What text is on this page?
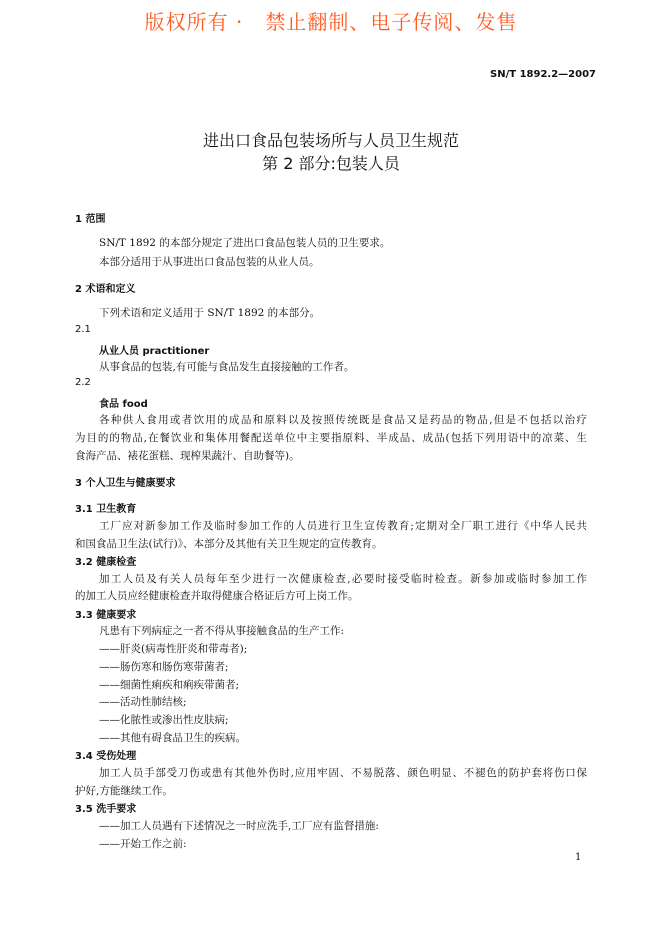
版权所有 ·   禁止翻制、电子传阅、发售
SN/T 1892.2—2007
进出口食品包装场所与人员卫生规范
第 2 部分:包装人员
1 范围
SN/T 1892 的本部分规定了进出口食品包装人员的卫生要求。
本部分适用于从事进出口食品包装的从业人员。
2 术语和定义
下列术语和定义适用于 SN/T 1892 的本部分。
2.1
从业人员 practitioner
从事食品的包装,有可能与食品发生直接接触的工作者。
2.2
食品 food
各种供人食用或者饮用的成品和原料以及按照传统既是食品又是药品的物品,但是不包括以治疗
为目的的物品,在餐饮业和集体用餐配送单位中主要指原料、半成品、成品(包括下列用语中的凉菜、生
食海产品、裱花蛋糕、现榨果蔬汁、自助餐等)。
3 个人卫生与健康要求
3.1 卫生教育
工厂应对新参加工作及临时参加工作的人员进行卫生宣传教育;定期对全厂职工进行《中华人民共
和国食品卫生法(试行)》、本部分及其他有关卫生规定的宣传教育。
3.2 健康检查
加工人员及有关人员每年至少进行一次健康检查,必要时接受临时检查。新参加或临时参加工作
的加工人员应经健康检查并取得健康合格证后方可上岗工作。
3.3 健康要求
凡患有下列病症之一者不得从事接触食品的生产工作:
——肝炎(病毒性肝炎和带毒者);
——肠伤寒和肠伤寒带菌者;
——细菌性痢疾和痢疾带菌者;
——活动性肺结核;
——化脓性或渗出性皮肤病;
——其他有碍食品卫生的疾病。
3.4 受伤处理
加工人员手部受刀伤或患有其他外伤时,应用牢固、不易脱落、颜色明显、不褪色的防护套将伤口保
护好,方能继续工作。
3.5 洗手要求
——加工人员遇有下述情况之一时应洗手,工厂应有监督措施:
——开始工作之前:
1
